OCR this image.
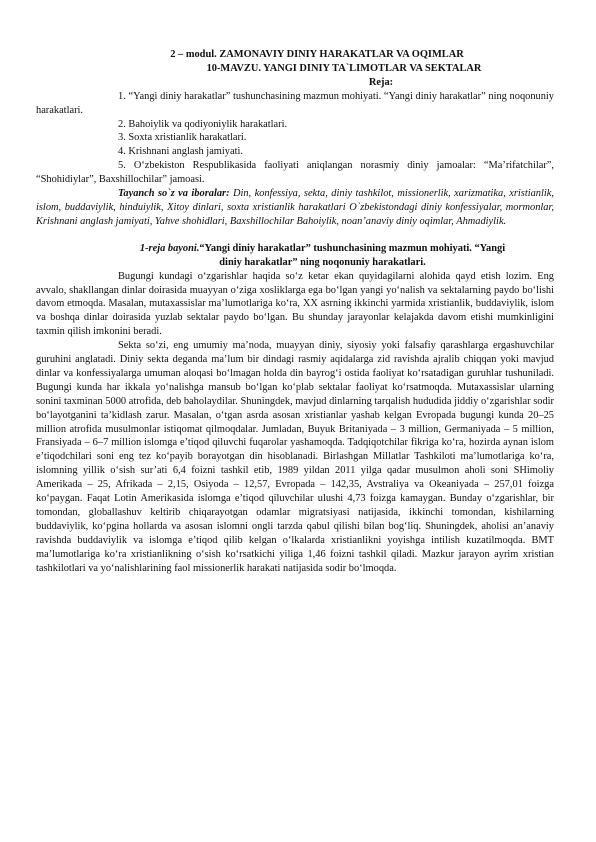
2 – modul. ZAMONAVIY DINIY HARAKATLAR VA OQIMLAR
10-MAVZU. YANGI DINIY TA`LIMOTLAR VA SEKTALAR
Reja:

1. “Yangi diniy harakatlar” tushunchasining mazmun mohiyati. “Yangi diniy harakatlar” ning noqonuniy harakatlari.

2. Bahoiylik va qodiyoniylik harakatlari.

3. Soxta xristianlik harakatlari.

4. Krishnani anglash jamiyati.

5. O‘zbekiston Respublikasida faoliyati aniqlangan norasmiy diniy jamoalar: “Ma’rifatchilar”, “Shohidiylar”, Baxshillochilar” jamoasi.

Tayanch so`z va iboralar: Din, konfessiya, sekta, diniy tashkilot, missionerlik, xarizmatika, xristianlik, islom, buddaviylik, hinduiylik, Xitoy dinlari, soxta xristianlik harakatlari O`zbekistondagi diniy konfessiyalar, mormonlar, Krishnani anglash jamiyati, Yahve shohidlari, Baxshillochilar Bahoiylik, noan’anaviy diniy oqimlar, Ahmadiylik.

1-reja bayoni.“Yangi diniy harakatlar” tushunchasining mazmun mohiyati. “Yangi diniy harakatlar” ning noqonuniy harakatlari.

Bugungi kundagi o‘zgarishlar haqida so‘z ketar ekan quyidagilarni alohida qayd etish lozim. Eng avvalo, shakllangan dinlar doirasida muayyan o‘ziga xosliklarga ega bo‘lgan yangi yo‘nalish va sektalarning paydo bo‘lishi davom etmoqda. Masalan, mutaxassislar ma’lumotlariga ko‘ra, XX asrning ikkinchi yarmida xristianlik, buddaviylik, islom va boshqa dinlar doirasida yuzlab sektalar paydo bo‘lgan. Bu shunday jarayonlar kelajakda davom etishi mumkinligini taxmin qilish imkonini beradi.

Sekta so‘zi, eng umumiy ma’noda, muayyan diniy, siyosiy yoki falsafiy qarashlarga ergashuvchilar guruhini anglatadi. Diniy sekta deganda ma’lum bir dindagi rasmiy aqidalarga zid ravishda ajralib chiqqan yoki mavjud dinlar va konfessiyalarga umuman aloqasi bo‘lmagan holda din bayrog‘i ostida faoliyat ko‘rsatadigan guruhlar tushuniladi. Bugungi kunda har ikkala yo‘nalishga mansub bo‘lgan ko‘plab sektalar faoliyat ko‘rsatmoqda. Mutaxassislar ularning sonini taxminan 5000 atrofida, deb baholaydilar. Shuningdek, mavjud dinlarning tarqalish hududida jiddiy o‘zgarishlar sodir bo‘layotganini ta’kidlash zarur. Masalan, o‘tgan asrda asosan xristianlar yashab kelgan Evropada bugungi kunda 20–25 million atrofida musulmonlar istiqomat qilmoqdalar. Jumladan, Buyuk Britaniyada – 3 million, Germaniyada – 5 million, Fransiyada – 6–7 million islomga e’tiqod qiluvchi fuqarolar yashamoqda. Tadqiqotchilar fikriga ko‘ra, hozirda aynan islom e’tiqodchilari soni eng tez ko‘payib borayotgan din hisoblanadi. Birlashgan Millatlar Tashkiloti ma’lumotlariga ko‘ra, islomning yillik o‘sish sur’ati 6,4 foizni tashkil etib, 1989 yildan 2011 yilga qadar musulmon aholi soni SHimoliy Amerikada – 25, Afrikada – 2,15, Osiyoda – 12,57, Evropada – 142,35, Avstraliya va Okeaniyada – 257,01 foizga ko‘paygan. Faqat Lotin Amerikasida islomga e’tiqod qiluvchilar ulushi 4,73 foizga kamaygan. Bunday o‘zgarishlar, bir tomondan, globallashuv keltirib chiqarayotgan odamlar migratsiyasi natijasida, ikkinchi tomondan, kishilarning buddaviylik, ko‘pgina hollarda va asosan islomni ongli tarzda qabul qilishi bilan bog‘liq. Shuningdek, aholisi an’anaviy ravishda buddaviylik va islomga e’tiqod qilib kelgan o‘lkalarda xristianlikni yoyishga intilish kuzatilmoqda. BMT ma’lumotlariga ko‘ra xristianlikning o‘sish ko‘rsatkichi yiliga 1,46 foizni tashkil qiladi. Mazkur jarayon ayrim xristian tashkilotlari va yo‘nalishlarining faol missionerlik harakati natijasida sodir bo‘lmoqda.
